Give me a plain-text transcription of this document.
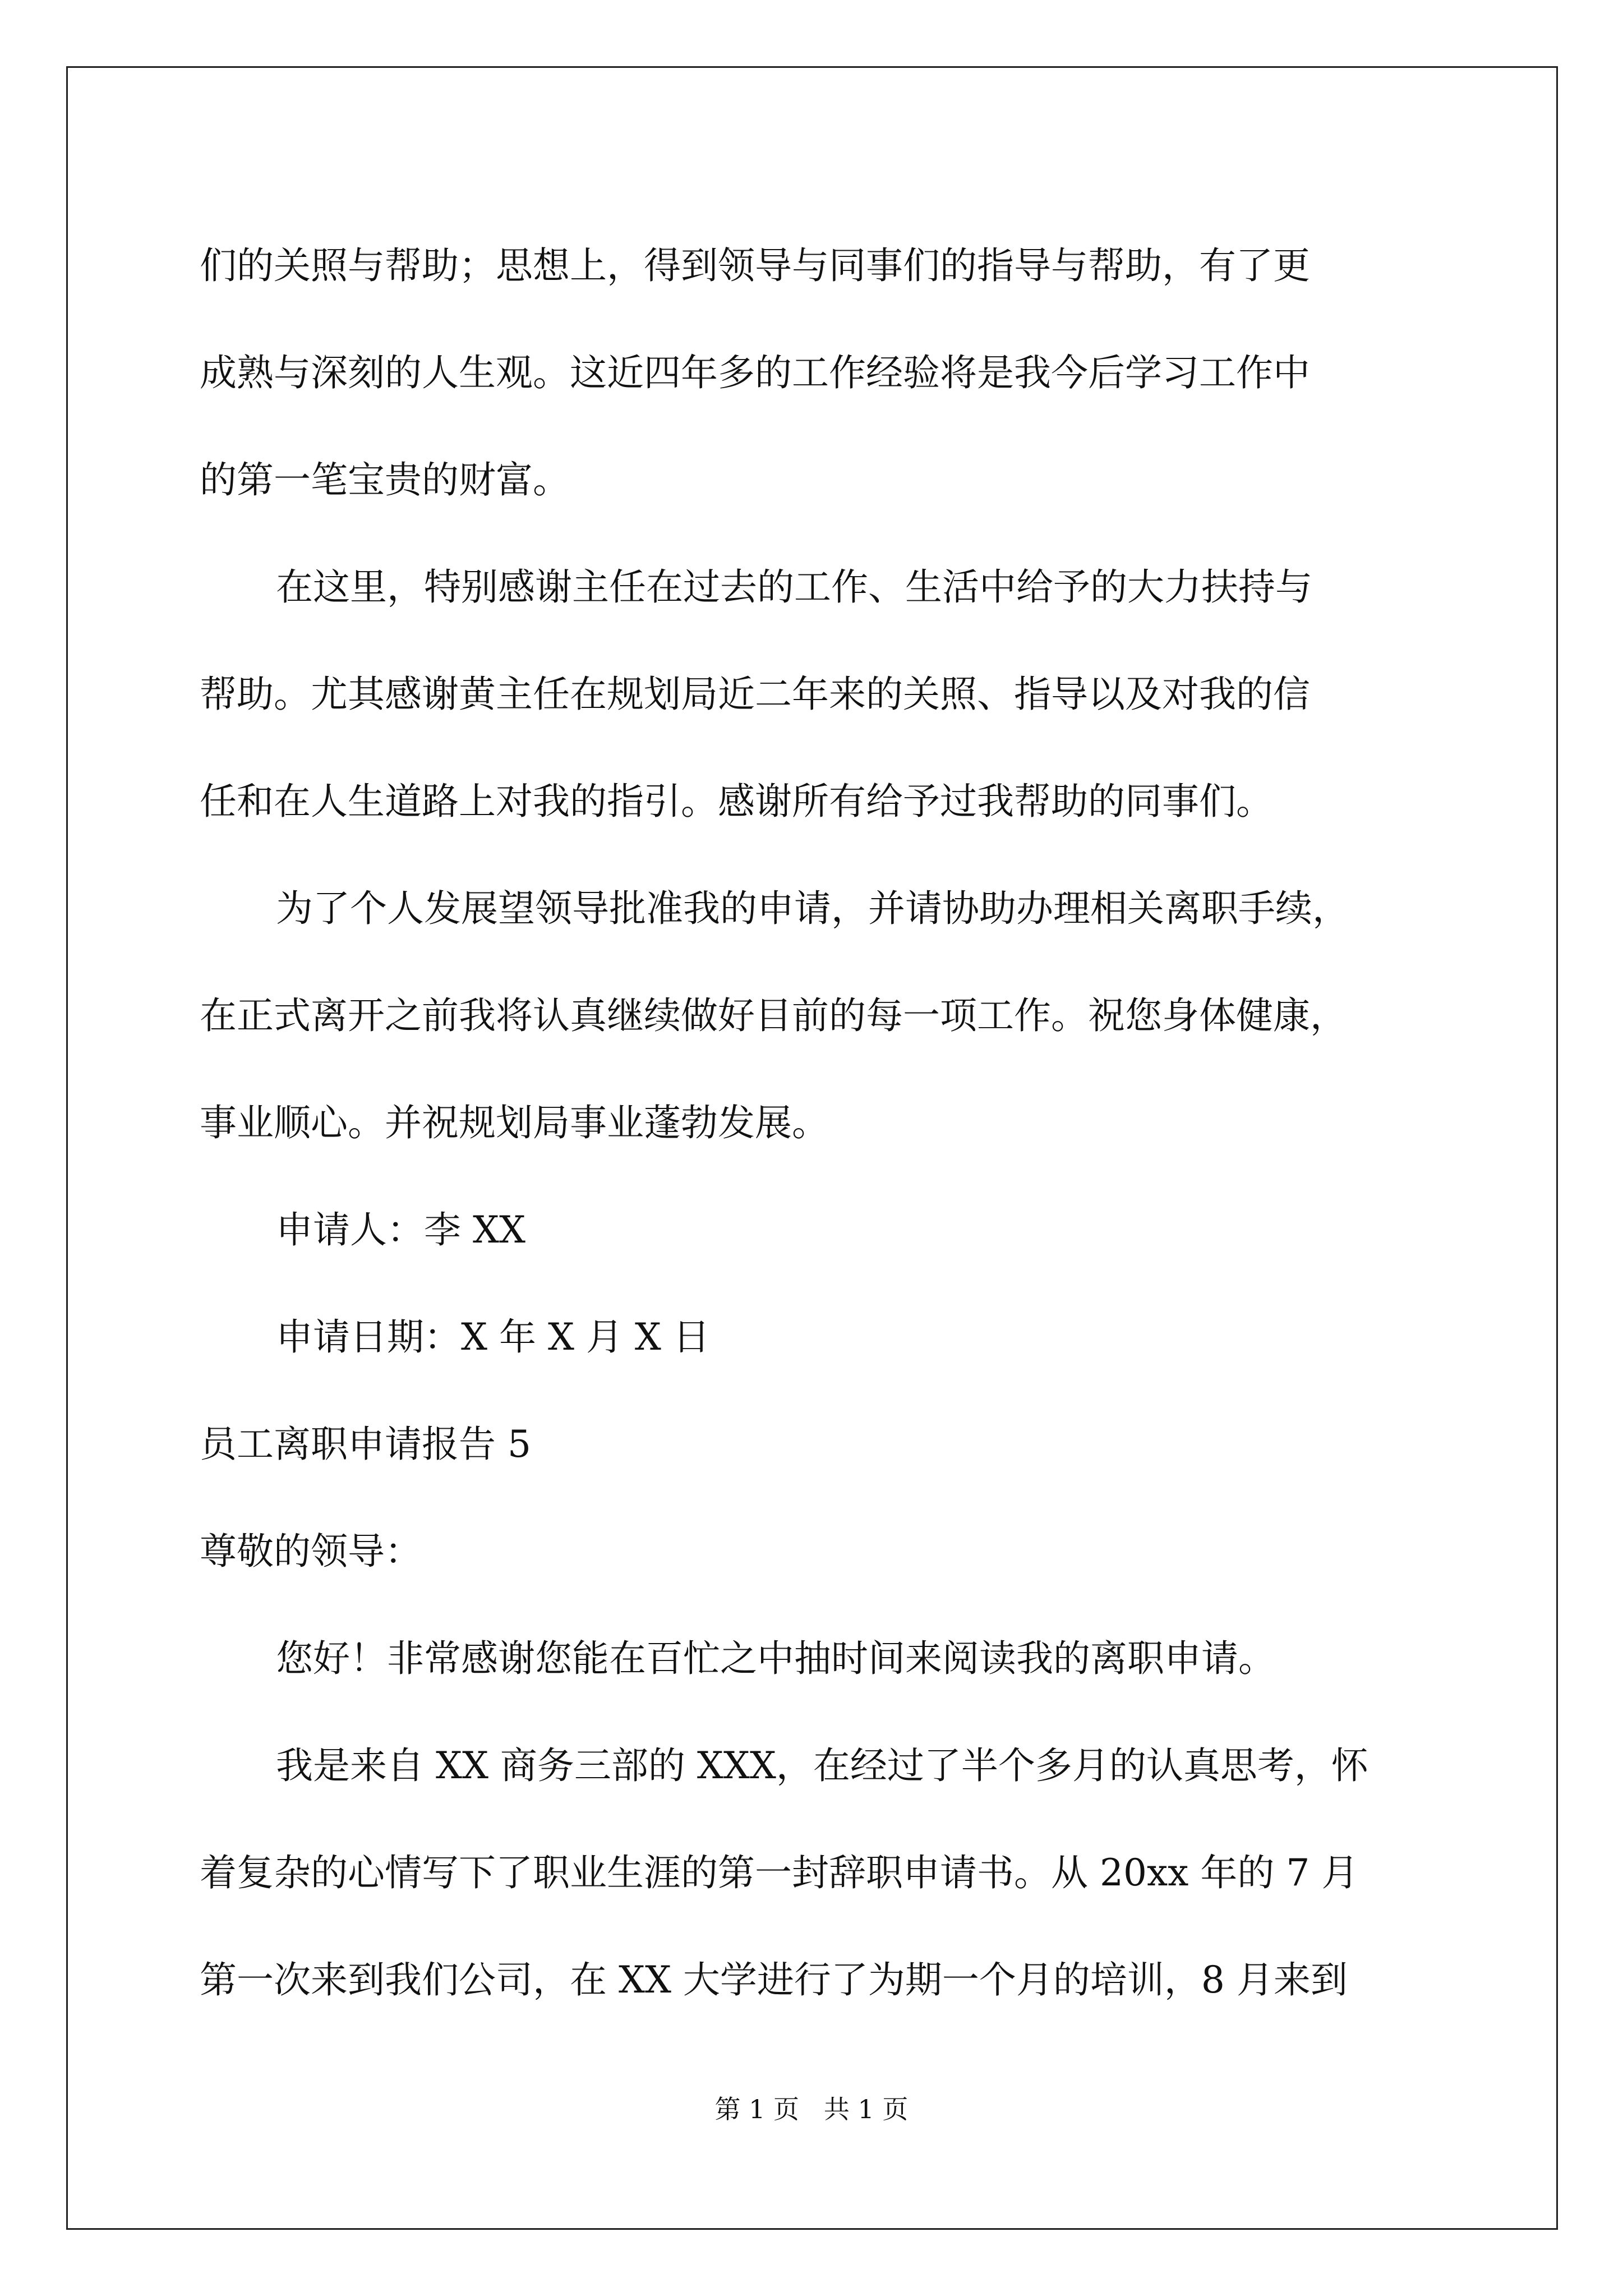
们的关照与帮助；思想上，得到领导与同事们的指导与帮助，有了更

成熟与深刻的人生观。这近四年多的工作经验将是我今后学习工作中

的第一笔宝贵的财富。

在这里，特别感谢主任在过去的工作、生活中给予的大力扶持与

帮助。尤其感谢黄主任在规划局近二年来的关照、指导以及对我的信

任和在人生道路上对我的指引。感谢所有给予过我帮助的同事们。

为了个人发展望领导批准我的申请，并请协助办理相关离职手续，

在正式离开之前我将认真继续做好目前的每一项工作。祝您身体健康，

事业顺心。并祝规划局事业蓬勃发展。

申请人：李 XX

申请日期：X 年 X 月 X 日

员工离职申请报告 5

尊敬的领导：

您好！非常感谢您能在百忙之中抽时间来阅读我的离职申请。

我是来自 XX 商务三部的 XXX，在经过了半个多月的认真思考，怀

着复杂的心情写下了职业生涯的第一封辞职申请书。从 20xx 年的 7 月

第一次来到我们公司，在 XX 大学进行了为期一个月的培训，8 月来到

第 1 页   共 1 页
